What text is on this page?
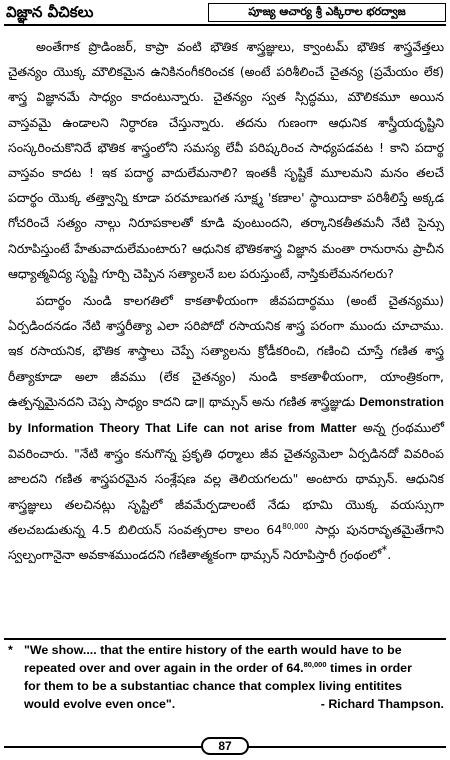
విజ్ఞాన వీచికలు	పూజ్య ఆచార్య శ్రీ ఎక్కిరాల భరద్వాజ

అంతేగాక ప్రొడింజర్, కాప్రా వంటి భౌతిక శాస్త్రజ్ఞులు, క్వాంటమ్ భౌతిక శాస్త్రవేత్తలు చైతన్యం యొక్క మౌలికమైన ఉనికినంగీకరించక (అంటే పరిశీలించే చైతన్య (ప్రమేయం లేక) శాస్త్ర విజ్ఞానమే సాధ్యం కాదంటున్నారు. చైతన్యం స్వత స్సిద్ధము, మౌలికమూ అయిన వాస్తవమై ఉండాలని నిర్ధారణ చేస్తున్నారు. తదను గుణంగా ఆధునిక శాస్త్రీయదృష్టిని సంస్కరించుకొనిదే భౌతిక శాస్త్రంలోని సమస్య లేవీ పరిష్కరించ సాధ్యపడవట ! కాని పదార్థ వాస్తవం కాదట ! ఇక పదార్థ వాదులేమనాలి? ఇంతకీ సృష్టికే మూలమని మనం తలచే పదార్థం యొక్క తత్త్వాన్ని కూడా పరమాణుగత సూక్ష్మ 'కణాల' స్థాయిదాకా పరిశీలిస్తే అక్కడ గోచరించే సత్యం నాల్గు నిరూపకాలతో కూడి వుంటుందని, తర్కానికతీతమనీ నేటి సైన్సు నిరూపిస్తుంటే హేతువాదులేమంటారు? ఆధునిక భౌతికశాస్త్ర విజ్ఞాన మంతా రానురాను ప్రాచీన ఆధ్యాత్మవిద్య సృష్టి గూర్చి చెప్పిన సత్యాలనే బల పరుస్తుంటే, నాస్తికులేమనగలరు?

పదార్థం నుండి కాలగతిలో కాకతాళీయంగా జీవపదార్థము (అంటే చైతన్యము) ఏర్పడిందనడం నేటి శాస్త్రరీత్యా ఎలా సరిపోదో రసాయనిక శాస్త్ర పరంగా ముందు చూచాము. ఇక రసాయనిక, భౌతిక శాస్త్రాలు చెప్పే సత్యాలను క్రోడీకరించి, గణించి చూస్తే గణిత శాస్త్ర రీత్యాకూడా అలా జీవము (లేక చైతన్యం) నుండి కాకతాళీయంగా, యాంత్రికంగా, ఉత్పన్నమైనదని చెప్ప సాధ్యం కాదని డా॥ థామ్సన్ అను గణిత శాస్త్రజ్ఞుడు Demonstration by Information Theory That Life can not arise from Matter అన్న గ్రంథములో వివరించారు. "నేటి శాస్త్రం కనుగొన్న ప్రకృతి ధర్మాలు జీవ చైతన్యమెలా ఏర్పడినదో వివరింప జాలదని గణిత శాస్త్రపరమైన సంశ్లేషణ వల్ల తెలియగలదు" అంటారు థామ్సన్. ఆధునిక శాస్త్రజ్ఞులు తలచినట్లు సృష్టిలో జీవమేర్పడాలంటే నేడు భూమి యొక్క వయస్సుగా తలచబడుతున్న 4.5 బిలియన్ సంవత్సరాల కాలం 64$^{80,000}$ సార్లు పునరావృతమైతేగాని స్వల్పంగానైనా అవకాశముండదని గణితాత్మకంగా థామ్సన్ నిరూపిస్తారీ గ్రంథంలో*.

* "We show.... that the entire history of the earth would have to be
repeated over and over again in the order of 64.$^{80,000}$ times in order
for them to be a substantiac chance that complex living entitites
would evolve even once".	- Richard Thampson.
87
